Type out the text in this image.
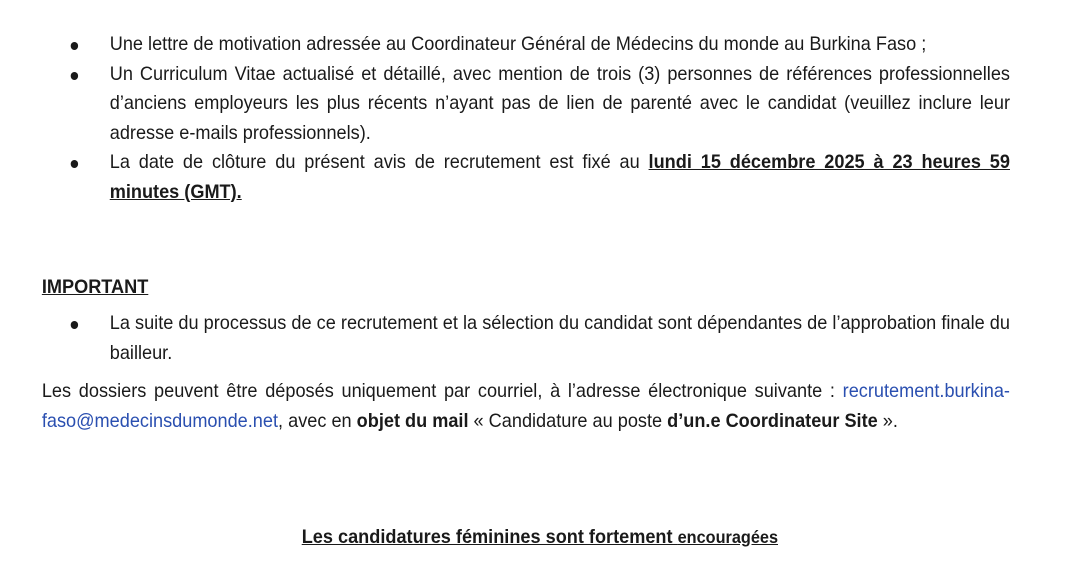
Une lettre de motivation adressée au Coordinateur Général de Médecins du monde au Burkina Faso ;
Un Curriculum Vitae actualisé et détaillé, avec mention de trois (3) personnes de références professionnelles d’anciens employeurs les plus récents n’ayant pas de lien de parenté avec le candidat (veuillez inclure leur adresse e-mails professionnels).
La date de clôture du présent avis de recrutement est fixé au lundi 15 décembre 2025 à 23 heures 59 minutes (GMT).
IMPORTANT
La suite du processus de ce recrutement et la sélection du candidat sont dépendantes de l’approbation finale du bailleur.
Les dossiers peuvent être déposés uniquement par courriel, à l’adresse électronique suivante : recrutement.burkina-faso@medecinsdumonde.net, avec en objet du mail « Candidature au poste d’un.e Coordinateur Site ».
Les candidatures féminines sont fortement encouragées
